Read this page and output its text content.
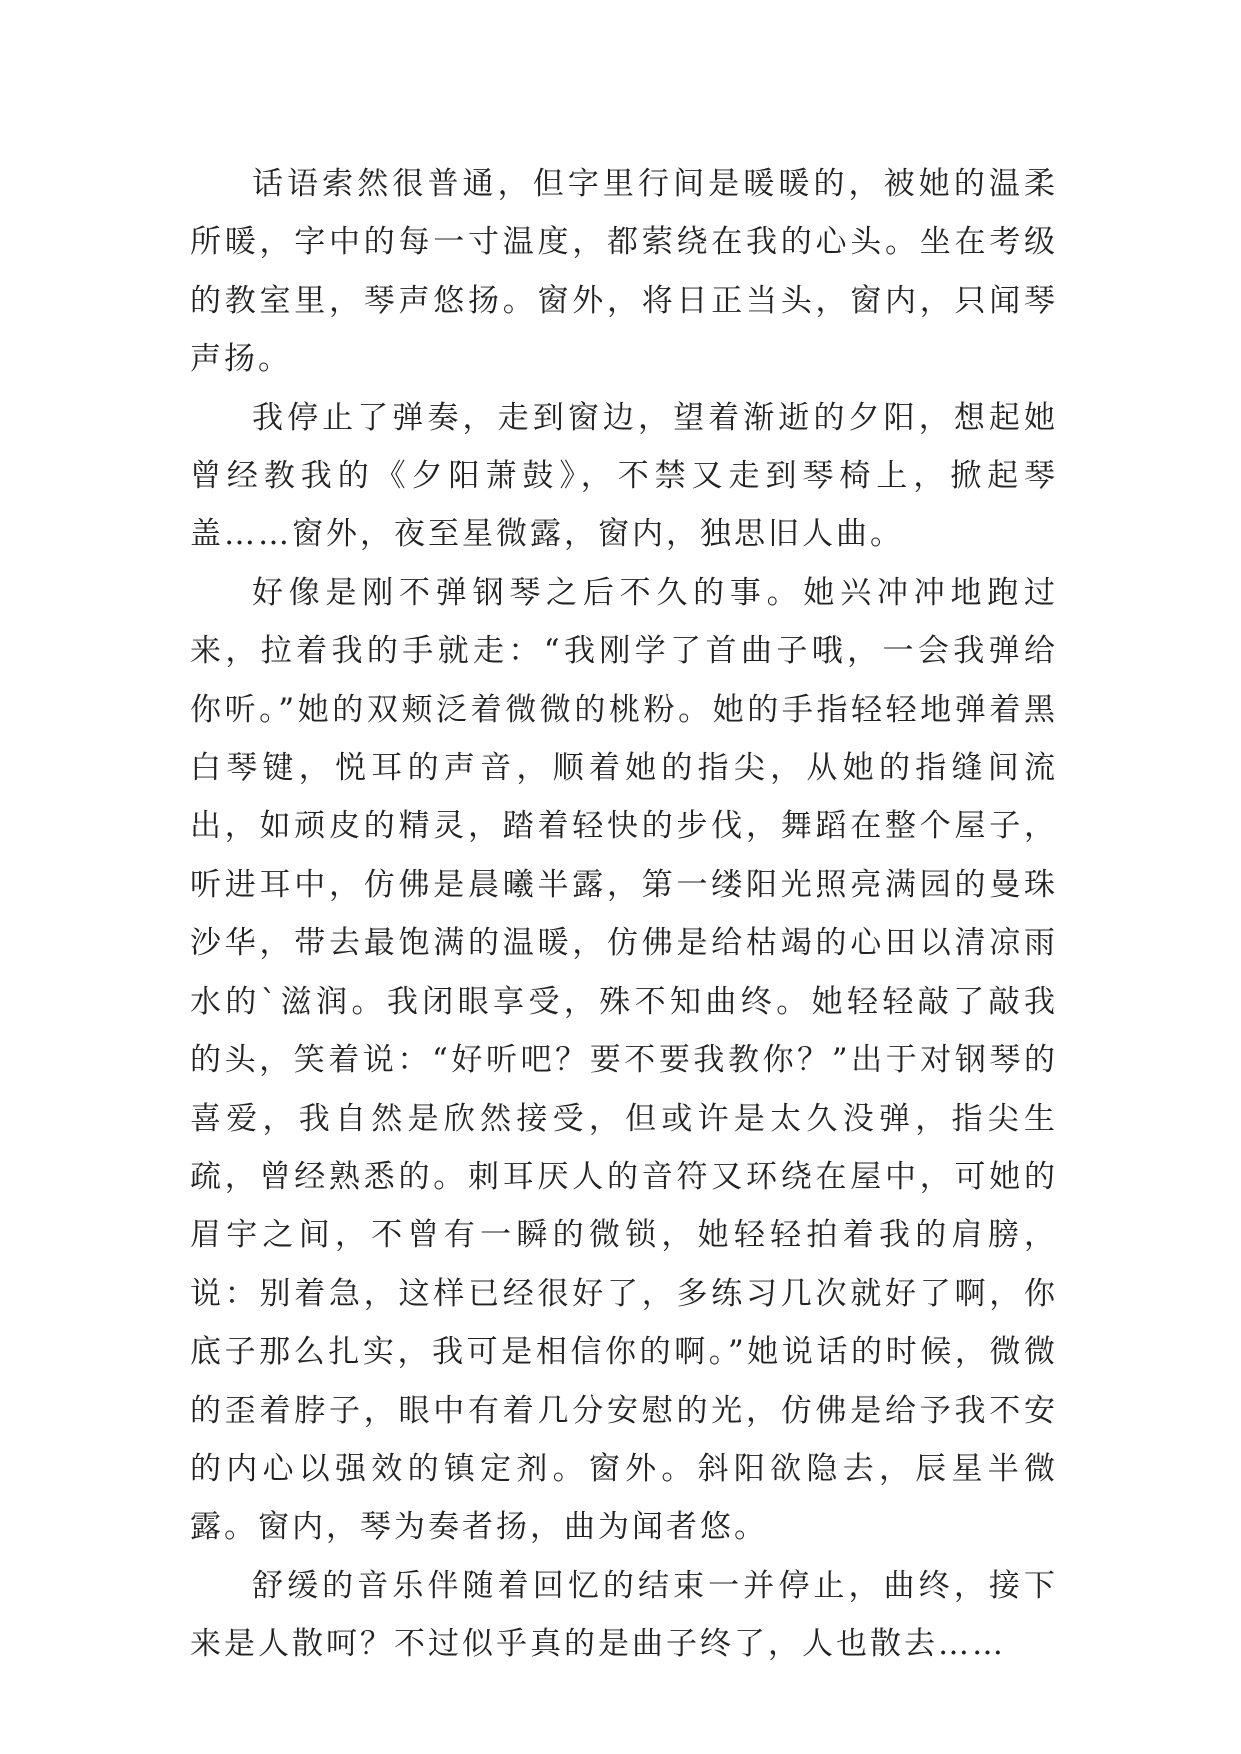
话语索然很普通，但字里行间是暖暖的，被她的温柔所暖，字中的每一寸温度，都萦绕在我的心头。坐在考级的教室里，琴声悠扬。窗外，将日正当头，窗内，只闻琴声扬。

我停止了弹奏，走到窗边，望着渐逝的夕阳，想起她曾经教我的《夕阳萧鼓》，不禁又走到琴椅上，掀起琴盖……窗外，夜至星微露，窗内，独思旧人曲。

好像是刚不弹钢琴之后不久的事。她兴冲冲地跑过来，拉着我的手就走：“我刚学了首曲子哦，一会我弹给你听。”她的双颊泛着微微的桃粉。她的手指轻轻地弹着黑白琴键，悦耳的声音，顺着她的指尖，从她的指缝间流出，如顽皮的精灵，踏着轻快的步伐，舞蹈在整个屋子，听进耳中，仿佛是晨曦半露，第一缕阳光照亮满园的曼珠沙华，带去最饱满的温暖，仿佛是给枯竭的心田以清凉雨水的`滋润。我闭眼享受，殊不知曲终。她轻轻敲了敲我的头，笑着说：“好听吧？要不要我教你？”出于对钢琴的喜爱，我自然是欣然接受，但或许是太久没弹，指尖生疏，曾经熟悉的。刺耳厌人的音符又环绕在屋中，可她的眉宇之间，不曾有一瞬的微锁，她轻轻拍着我的肩膀，说：别着急，这样已经很好了，多练习几次就好了啊，你底子那么扎实，我可是相信你的啊。”她说话的时候，微微的歪着脖子，眼中有着几分安慰的光，仿佛是给予我不安的内心以强效的镇定剂。窗外。斜阳欲隐去，辰星半微露。窗内，琴为奏者扬，曲为闻者悠。

舒缓的音乐伴随着回忆的结束一并停止，曲终，接下来是人散呵？不过似乎真的是曲子终了，人也散去……
